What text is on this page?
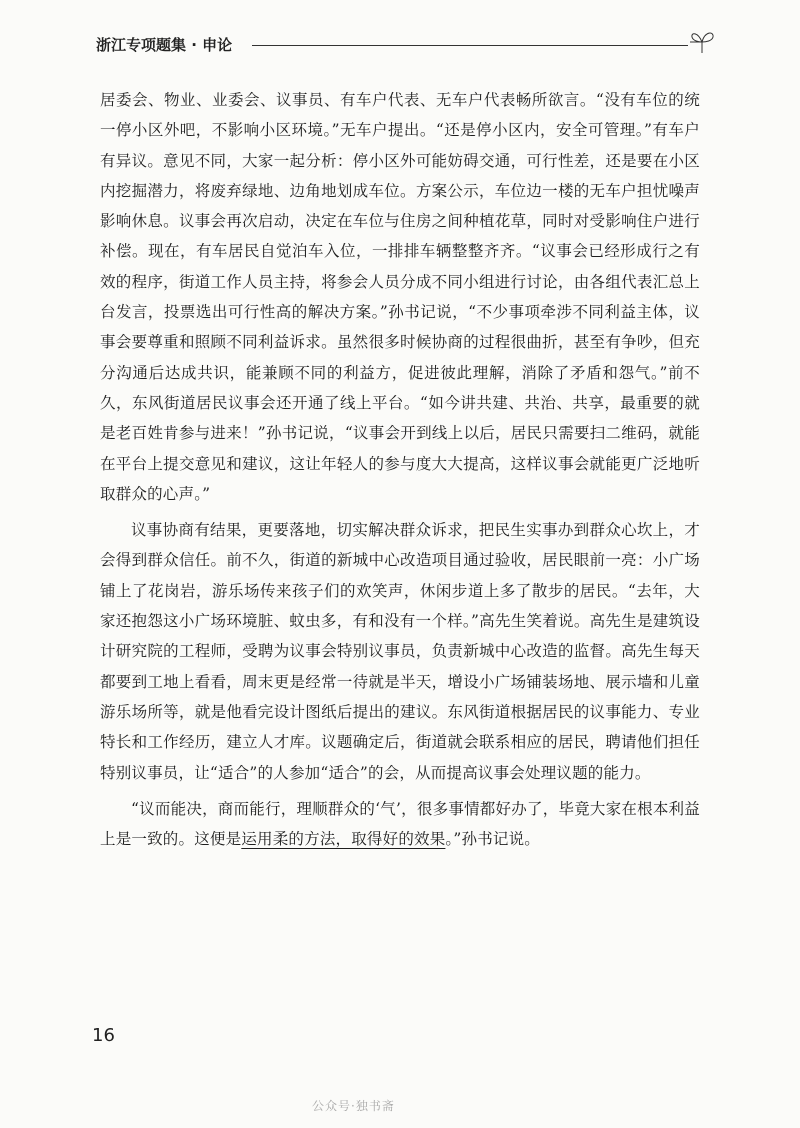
浙江专项题集 · 申论

居委会、物业、业委会、议事员、有车户代表、无车户代表畅所欲言。“没有车位的统一停小区外吧，不影响小区环境。”无车户提出。“还是停小区内，安全可管理。”有车户有异议。意见不同，大家一起分析：停小区外可能妨碍交通，可行性差，还是要在小区内挖掘潜力，将废弃绿地、边角地划成车位。方案公示，车位边一楼的无车户担忧噪声影响休息。议事会再次启动，决定在车位与住房之间种植花草，同时对受影响住户进行补偿。现在，有车居民自觉泊车入位，一排排车辆整整齐齐。“议事会已经形成行之有效的程序，街道工作人员主持，将参会人员分成不同小组进行讨论，由各组代表汇总上台发言，投票选出可行性高的解决方案。”孙书记说，“不少事项牵涉不同利益主体，议事会要尊重和照顾不同利益诉求。虽然很多时候协商的过程很曲折，甚至有争吵，但充分沟通后达成共识，能兼顾不同的利益方，促进彼此理解，消除了矛盾和怨气。”前不久，东风街道居民议事会还开通了线上平台。“如今讲共建、共治、共享，最重要的就是老百姓肯参与进来！”孙书记说，“议事会开到线上以后，居民只需要扫二维码，就能在平台上提交意见和建议，这让年轻人的参与度大大提高，这样议事会就能更广泛地听取群众的心声。”

议事协商有结果，更要落地，切实解决群众诉求，把民生实事办到群众心坎上，才会得到群众信任。前不久，街道的新城中心改造项目通过验收，居民眼前一亮：小广场铺上了花岗岩，游乐场传来孩子们的欢笑声，休闲步道上多了散步的居民。“去年，大家还抱怨这小广场环境脏、蚊虫多，有和没有一个样。”高先生笑着说。高先生是建筑设计研究院的工程师，受聘为议事会特别议事员，负责新城中心改造的监督。高先生每天都要到工地上看看，周末更是经常一待就是半天，增设小广场铺装场地、展示墙和儿童游乐场所等，就是他看完设计图纸后提出的建议。东风街道根据居民的议事能力、专业特长和工作经历，建立人才库。议题确定后，街道就会联系相应的居民，聘请他们担任特别议事员，让“适合”的人参加“适合”的会，从而提高议事会处理议题的能力。

“议而能决，商而能行，理顺群众的‘气’，很多事情都好办了，毕竟大家在根本利益上是一致的。这便是运用柔的方法，取得好的效果。”孙书记说。

16
公众号·独书斋
